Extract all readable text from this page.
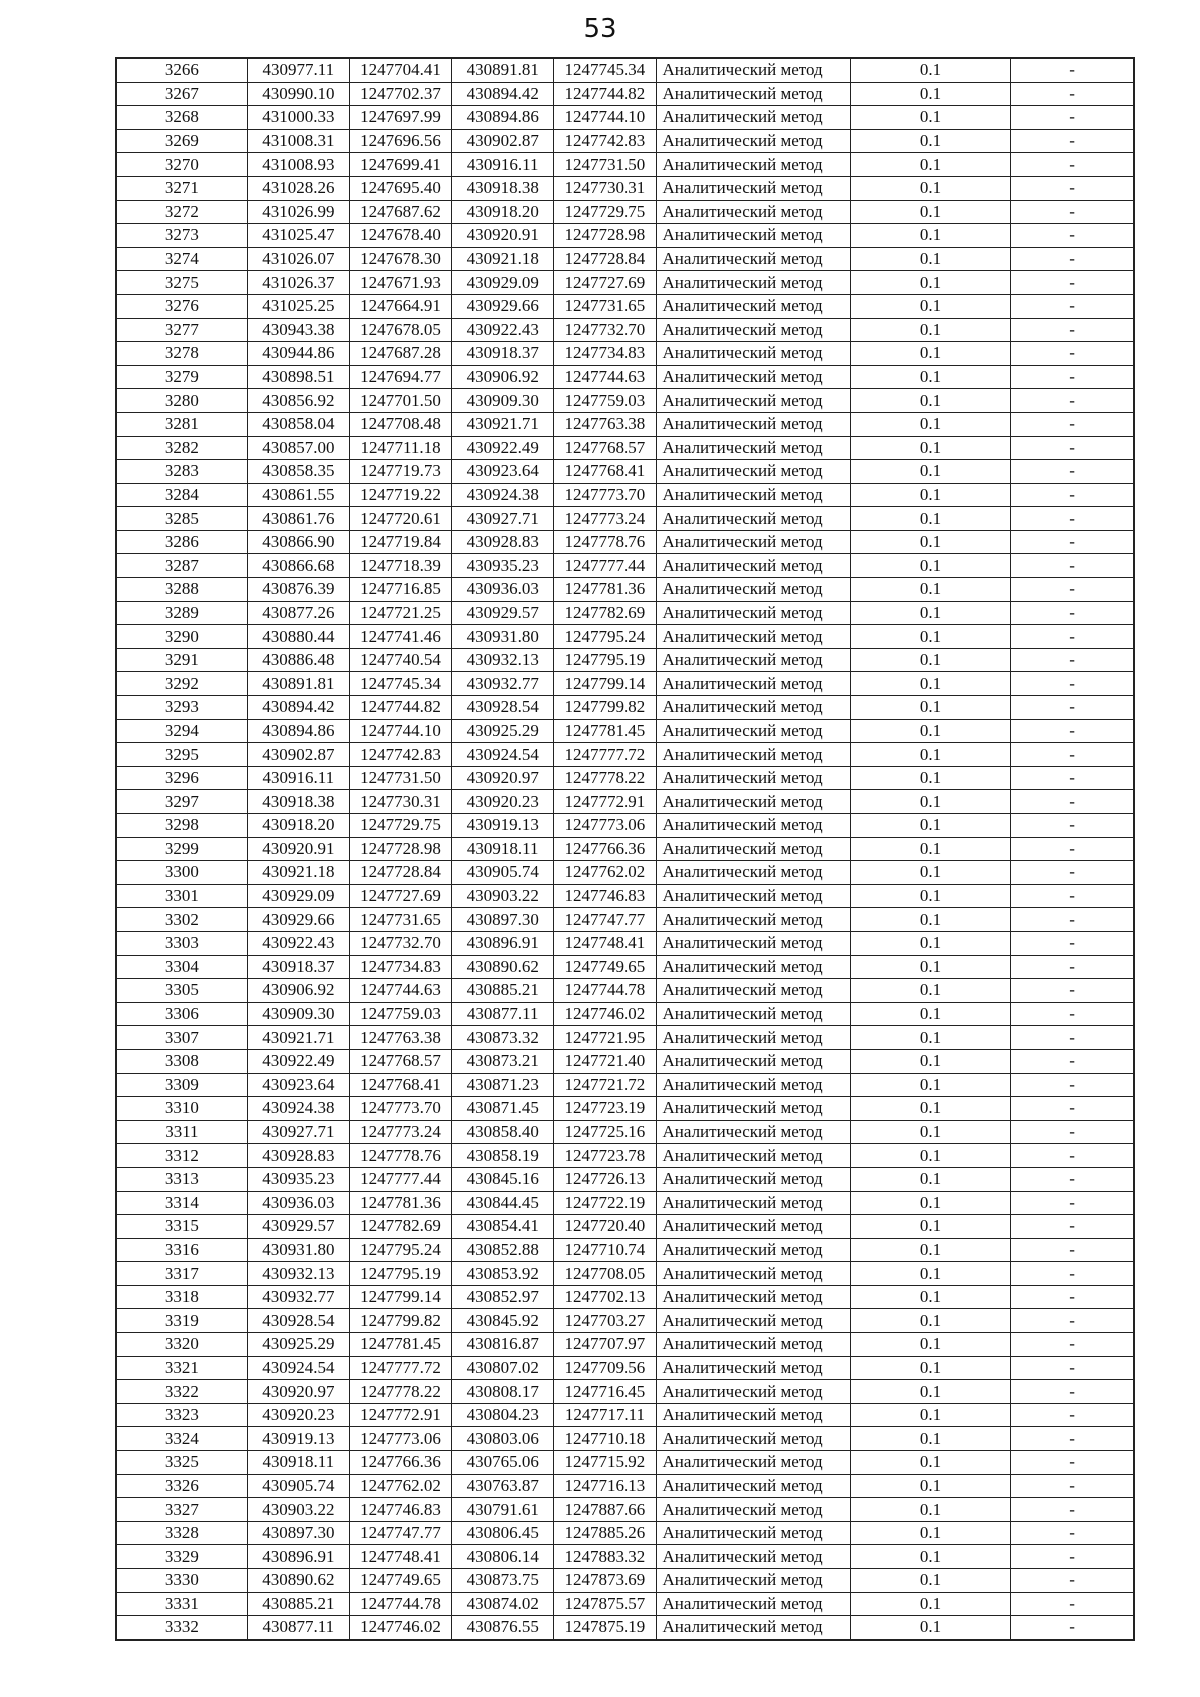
53
3266	430977.11	1247704.41	430891.81	1247745.34	Аналитический метод	0.1	-
3267	430990.10	1247702.37	430894.42	1247744.82	Аналитический метод	0.1	-
3268	431000.33	1247697.99	430894.86	1247744.10	Аналитический метод	0.1	-
3269	431008.31	1247696.56	430902.87	1247742.83	Аналитический метод	0.1	-
3270	431008.93	1247699.41	430916.11	1247731.50	Аналитический метод	0.1	-
3271	431028.26	1247695.40	430918.38	1247730.31	Аналитический метод	0.1	-
3272	431026.99	1247687.62	430918.20	1247729.75	Аналитический метод	0.1	-
3273	431025.47	1247678.40	430920.91	1247728.98	Аналитический метод	0.1	-
3274	431026.07	1247678.30	430921.18	1247728.84	Аналитический метод	0.1	-
3275	431026.37	1247671.93	430929.09	1247727.69	Аналитический метод	0.1	-
3276	431025.25	1247664.91	430929.66	1247731.65	Аналитический метод	0.1	-
3277	430943.38	1247678.05	430922.43	1247732.70	Аналитический метод	0.1	-
3278	430944.86	1247687.28	430918.37	1247734.83	Аналитический метод	0.1	-
3279	430898.51	1247694.77	430906.92	1247744.63	Аналитический метод	0.1	-
3280	430856.92	1247701.50	430909.30	1247759.03	Аналитический метод	0.1	-
3281	430858.04	1247708.48	430921.71	1247763.38	Аналитический метод	0.1	-
3282	430857.00	1247711.18	430922.49	1247768.57	Аналитический метод	0.1	-
3283	430858.35	1247719.73	430923.64	1247768.41	Аналитический метод	0.1	-
3284	430861.55	1247719.22	430924.38	1247773.70	Аналитический метод	0.1	-
3285	430861.76	1247720.61	430927.71	1247773.24	Аналитический метод	0.1	-
3286	430866.90	1247719.84	430928.83	1247778.76	Аналитический метод	0.1	-
3287	430866.68	1247718.39	430935.23	1247777.44	Аналитический метод	0.1	-
3288	430876.39	1247716.85	430936.03	1247781.36	Аналитический метод	0.1	-
3289	430877.26	1247721.25	430929.57	1247782.69	Аналитический метод	0.1	-
3290	430880.44	1247741.46	430931.80	1247795.24	Аналитический метод	0.1	-
3291	430886.48	1247740.54	430932.13	1247795.19	Аналитический метод	0.1	-
3292	430891.81	1247745.34	430932.77	1247799.14	Аналитический метод	0.1	-
3293	430894.42	1247744.82	430928.54	1247799.82	Аналитический метод	0.1	-
3294	430894.86	1247744.10	430925.29	1247781.45	Аналитический метод	0.1	-
3295	430902.87	1247742.83	430924.54	1247777.72	Аналитический метод	0.1	-
3296	430916.11	1247731.50	430920.97	1247778.22	Аналитический метод	0.1	-
3297	430918.38	1247730.31	430920.23	1247772.91	Аналитический метод	0.1	-
3298	430918.20	1247729.75	430919.13	1247773.06	Аналитический метод	0.1	-
3299	430920.91	1247728.98	430918.11	1247766.36	Аналитический метод	0.1	-
3300	430921.18	1247728.84	430905.74	1247762.02	Аналитический метод	0.1	-
3301	430929.09	1247727.69	430903.22	1247746.83	Аналитический метод	0.1	-
3302	430929.66	1247731.65	430897.30	1247747.77	Аналитический метод	0.1	-
3303	430922.43	1247732.70	430896.91	1247748.41	Аналитический метод	0.1	-
3304	430918.37	1247734.83	430890.62	1247749.65	Аналитический метод	0.1	-
3305	430906.92	1247744.63	430885.21	1247744.78	Аналитический метод	0.1	-
3306	430909.30	1247759.03	430877.11	1247746.02	Аналитический метод	0.1	-
3307	430921.71	1247763.38	430873.32	1247721.95	Аналитический метод	0.1	-
3308	430922.49	1247768.57	430873.21	1247721.40	Аналитический метод	0.1	-
3309	430923.64	1247768.41	430871.23	1247721.72	Аналитический метод	0.1	-
3310	430924.38	1247773.70	430871.45	1247723.19	Аналитический метод	0.1	-
3311	430927.71	1247773.24	430858.40	1247725.16	Аналитический метод	0.1	-
3312	430928.83	1247778.76	430858.19	1247723.78	Аналитический метод	0.1	-
3313	430935.23	1247777.44	430845.16	1247726.13	Аналитический метод	0.1	-
3314	430936.03	1247781.36	430844.45	1247722.19	Аналитический метод	0.1	-
3315	430929.57	1247782.69	430854.41	1247720.40	Аналитический метод	0.1	-
3316	430931.80	1247795.24	430852.88	1247710.74	Аналитический метод	0.1	-
3317	430932.13	1247795.19	430853.92	1247708.05	Аналитический метод	0.1	-
3318	430932.77	1247799.14	430852.97	1247702.13	Аналитический метод	0.1	-
3319	430928.54	1247799.82	430845.92	1247703.27	Аналитический метод	0.1	-
3320	430925.29	1247781.45	430816.87	1247707.97	Аналитический метод	0.1	-
3321	430924.54	1247777.72	430807.02	1247709.56	Аналитический метод	0.1	-
3322	430920.97	1247778.22	430808.17	1247716.45	Аналитический метод	0.1	-
3323	430920.23	1247772.91	430804.23	1247717.11	Аналитический метод	0.1	-
3324	430919.13	1247773.06	430803.06	1247710.18	Аналитический метод	0.1	-
3325	430918.11	1247766.36	430765.06	1247715.92	Аналитический метод	0.1	-
3326	430905.74	1247762.02	430763.87	1247716.13	Аналитический метод	0.1	-
3327	430903.22	1247746.83	430791.61	1247887.66	Аналитический метод	0.1	-
3328	430897.30	1247747.77	430806.45	1247885.26	Аналитический метод	0.1	-
3329	430896.91	1247748.41	430806.14	1247883.32	Аналитический метод	0.1	-
3330	430890.62	1247749.65	430873.75	1247873.69	Аналитический метод	0.1	-
3331	430885.21	1247744.78	430874.02	1247875.57	Аналитический метод	0.1	-
3332	430877.11	1247746.02	430876.55	1247875.19	Аналитический метод	0.1	-
